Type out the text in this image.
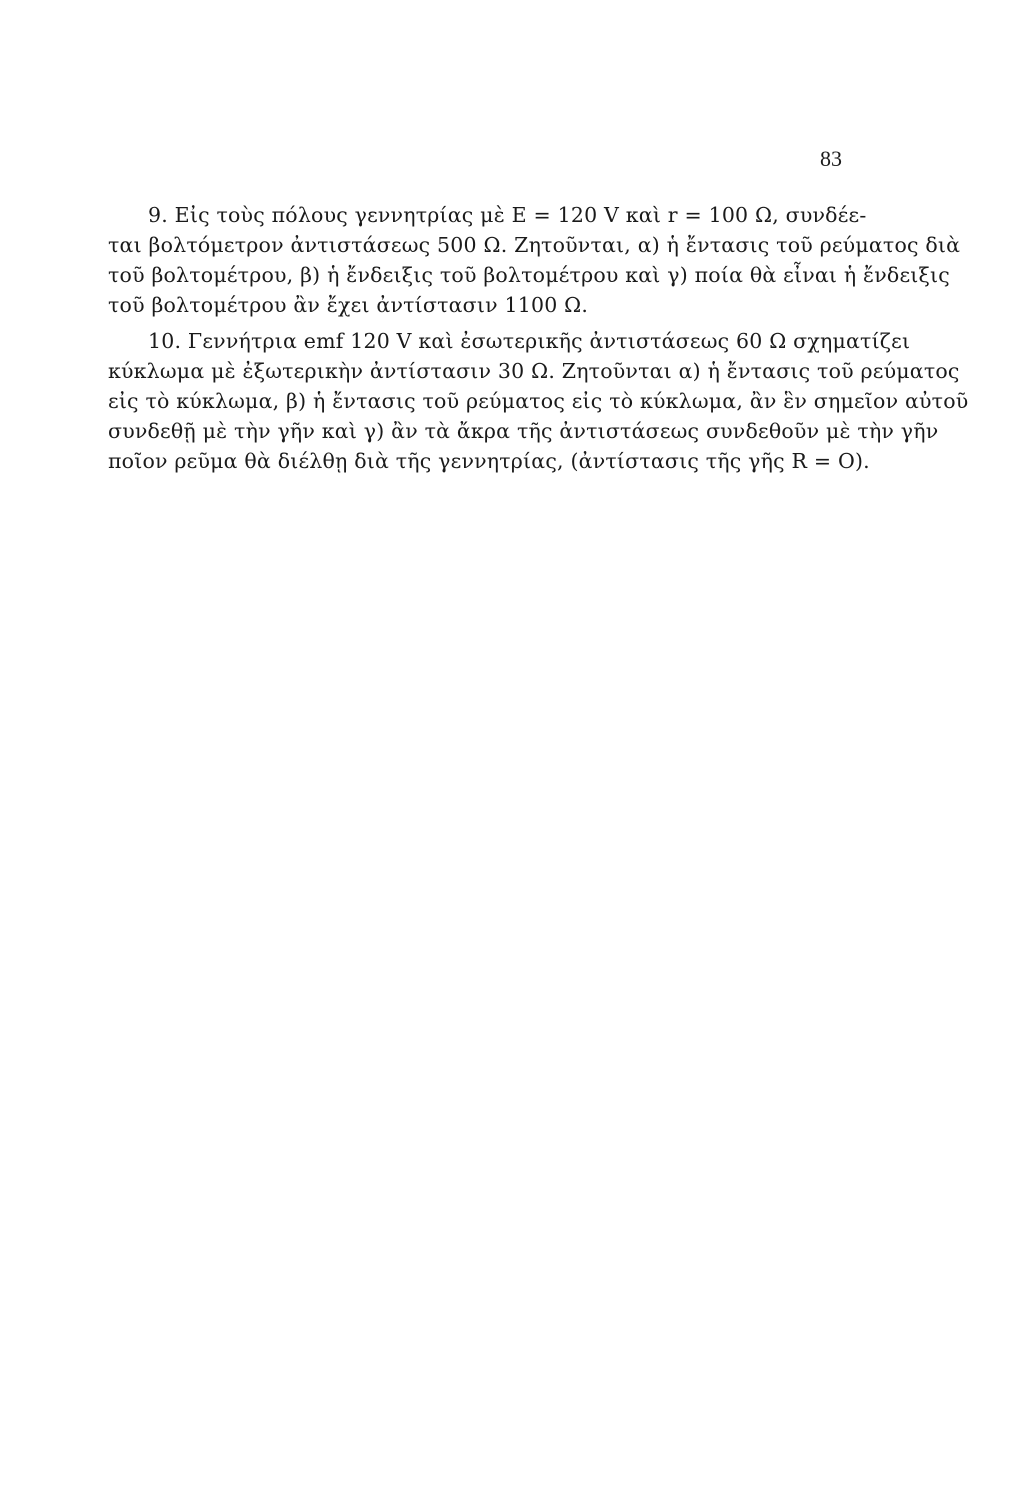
83
9. Εἰς τοὺς πόλους γεννητρίας μὲ E = 120 V καὶ r = 100 Ω, συνδέε-
ται βολτόμετρον ἀντιστάσεως 500 Ω. Ζητοῦνται, α) ἡ ἔντασις τοῦ ρεύματος διὰ
τοῦ βολτομέτρου, β) ἡ ἔνδειξις τοῦ βολτομέτρου καὶ γ) ποία θὰ εἶναι ἡ ἔνδειξις
τοῦ βολτομέτρου ἂν ἔχει ἀντίστασιν 1100 Ω.
10. Γεννήτρια emf 120 V καὶ ἐσωτερικῆς ἀντιστάσεως 60 Ω σχηματίζει
κύκλωμα μὲ ἐξωτερικὴν ἀντίστασιν 30 Ω. Ζητοῦνται α) ἡ ἔντασις τοῦ ρεύματος
εἰς τὸ κύκλωμα, β) ἡ ἔντασις τοῦ ρεύματος εἰς τὸ κύκλωμα, ἂν ἓν σημεῖον αὐτοῦ
συνδεθῇ μὲ τὴν γῆν καὶ γ) ἂν τὰ ἄκρα τῆς ἀντιστάσεως συνδεθοῦν μὲ τὴν γῆν
ποῖον ρεῦμα θὰ διέλθῃ διὰ τῆς γεννητρίας, (ἀντίστασις τῆς γῆς R = O).
